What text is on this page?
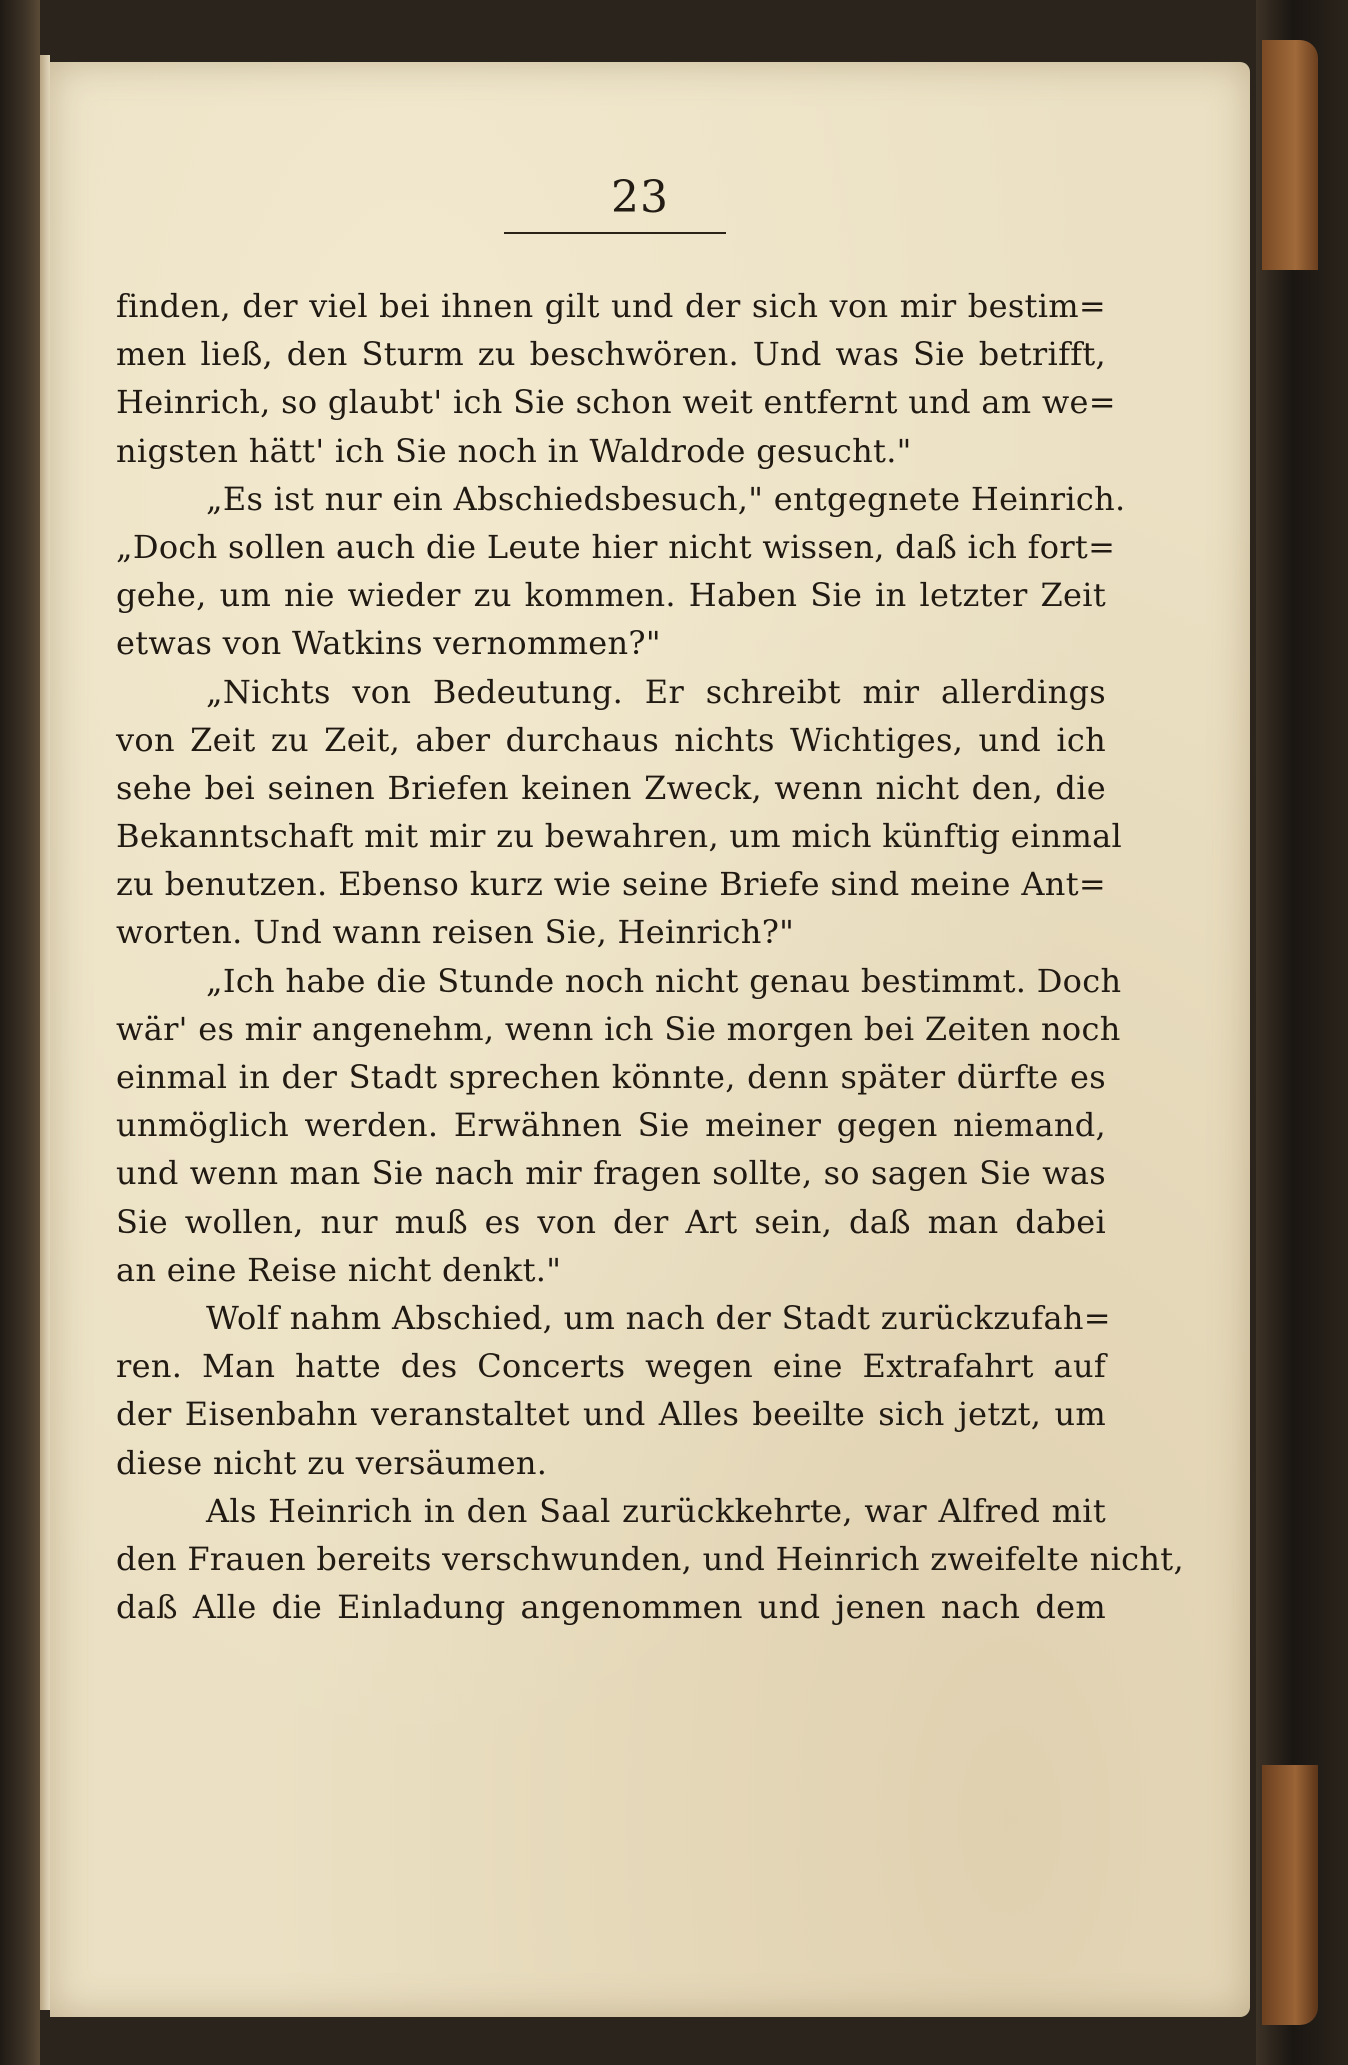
23
finden, der viel bei ihnen gilt und der sich von mir bestim=
men ließ, den Sturm zu beschwören. Und was Sie betrifft,
Heinrich, so glaubt' ich Sie schon weit entfernt und am we=
nigsten hätt' ich Sie noch in Waldrode gesucht."
„Es ist nur ein Abschiedsbesuch," entgegnete Heinrich.
„Doch sollen auch die Leute hier nicht wissen, daß ich fort=
gehe, um nie wieder zu kommen. Haben Sie in letzter Zeit
etwas von Watkins vernommen?"
„Nichts von Bedeutung. Er schreibt mir allerdings
von Zeit zu Zeit, aber durchaus nichts Wichtiges, und ich
sehe bei seinen Briefen keinen Zweck, wenn nicht den, die
Bekanntschaft mit mir zu bewahren, um mich künftig einmal
zu benutzen. Ebenso kurz wie seine Briefe sind meine Ant=
worten. Und wann reisen Sie, Heinrich?"
„Ich habe die Stunde noch nicht genau bestimmt. Doch
wär' es mir angenehm, wenn ich Sie morgen bei Zeiten noch
einmal in der Stadt sprechen könnte, denn später dürfte es
unmöglich werden. Erwähnen Sie meiner gegen niemand,
und wenn man Sie nach mir fragen sollte, so sagen Sie was
Sie wollen, nur muß es von der Art sein, daß man dabei
an eine Reise nicht denkt."
Wolf nahm Abschied, um nach der Stadt zurückzufah=
ren. Man hatte des Concerts wegen eine Extrafahrt auf
der Eisenbahn veranstaltet und Alles beeilte sich jetzt, um
diese nicht zu versäumen.
Als Heinrich in den Saal zurückkehrte, war Alfred mit
den Frauen bereits verschwunden, und Heinrich zweifelte nicht,
daß Alle die Einladung angenommen und jenen nach dem
